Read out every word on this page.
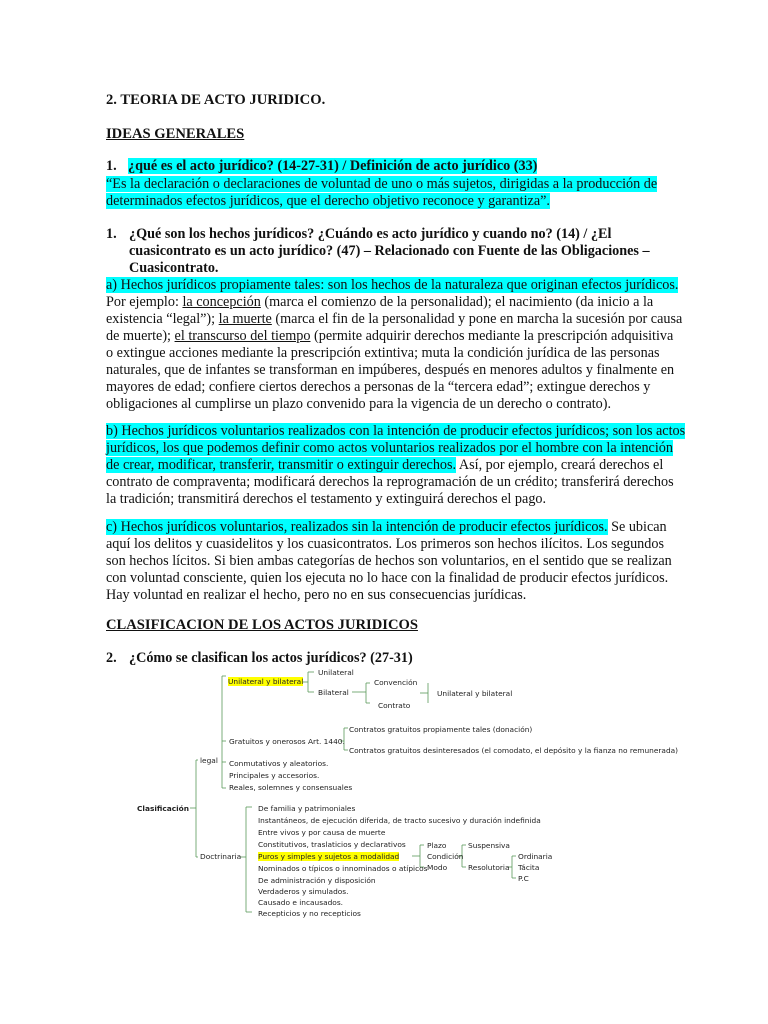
2. TEORIA DE ACTO JURIDICO.
IDEAS GENERALES
1. ¿qué es el acto jurídico? (14-27-31) / Definición de acto jurídico (33)
“Es la declaración o declaraciones de voluntad de uno o más sujetos, dirigidas a la producción de
determinados efectos jurídicos, que el derecho objetivo reconoce y garantiza”.
1. ¿Qué son los hechos jurídicos? ¿Cuándo es acto jurídico y cuando no? (14) / ¿El
cuasicontrato es un acto jurídico? (47) – Relacionado con Fuente de las Obligaciones –
Cuasicontrato.
a) Hechos jurídicos propiamente tales: son los hechos de la naturaleza que originan efectos jurídicos.
Por ejemplo: la concepción (marca el comienzo de la personalidad); el nacimiento (da inicio a la
existencia “legal”); la muerte (marca el fin de la personalidad y pone en marcha la sucesión por causa
de muerte); el transcurso del tiempo (permite adquirir derechos mediante la prescripción adquisitiva
o extingue acciones mediante la prescripción extintiva; muta la condición jurídica de las personas
naturales, que de infantes se transforman en impúberes, después en menores adultos y finalmente en
mayores de edad; confiere ciertos derechos a personas de la “tercera edad”; extingue derechos y
obligaciones al cumplirse un plazo convenido para la vigencia de un derecho o contrato).
b) Hechos jurídicos voluntarios realizados con la intención de producir efectos jurídicos; son los actos
jurídicos, los que podemos definir como actos voluntarios realizados por el hombre con la intención
de crear, modificar, transferir, transmitir o extinguir derechos. Así, por ejemplo, creará derechos el
contrato de compraventa; modificará derechos la reprogramación de un crédito; transferirá derechos
la tradición; transmitirá derechos el testamento y extinguirá derechos el pago.
c) Hechos jurídicos voluntarios, realizados sin la intención de producir efectos jurídicos. Se ubican
aquí los delitos y cuasidelitos y los cuasicontratos. Los primeros son hechos ilícitos. Los segundos
son hechos lícitos. Si bien ambas categorías de hechos son voluntarios, en el sentido que se realizan
con voluntad consciente, quien los ejecuta no lo hace con la finalidad de producir efectos jurídicos.
Hay voluntad en realizar el hecho, pero no en sus consecuencias jurídicas.
CLASIFICACION DE LOS ACTOS JURIDICOS
2. ¿Cómo se clasifican los actos jurídicos? (27-31)
Clasificación
legal
Doctrinaria
Unilateral y bilateral
Unilateral
Bilateral
Convención
Contrato
Unilateral y bilateral
Gratuitos y onerosos Art. 1440.
Contratos gratuitos propiamente tales (donación)
Contratos gratuitos desinteresados (el comodato, el depósito y la fianza no remunerada)
Conmutativos y aleatorios.
Principales y accesorios.
Reales, solemnes y consensuales
De familia y patrimoniales
Instantáneos, de ejecución diferida, de tracto sucesivo y duración indefinida
Entre vivos y por causa de muerte
Constitutivos, traslaticios y declarativos
Puros y simples y sujetos a modalidad
Nominados o típicos o innominados o atípicos
De administración y disposición
Verdaderos y simulados.
Causado e incausados.
Recepticios y no recepticios
Plazo
Condición
Modo
Suspensiva
Resolutoria
Ordinaria
Tácita
P.C
